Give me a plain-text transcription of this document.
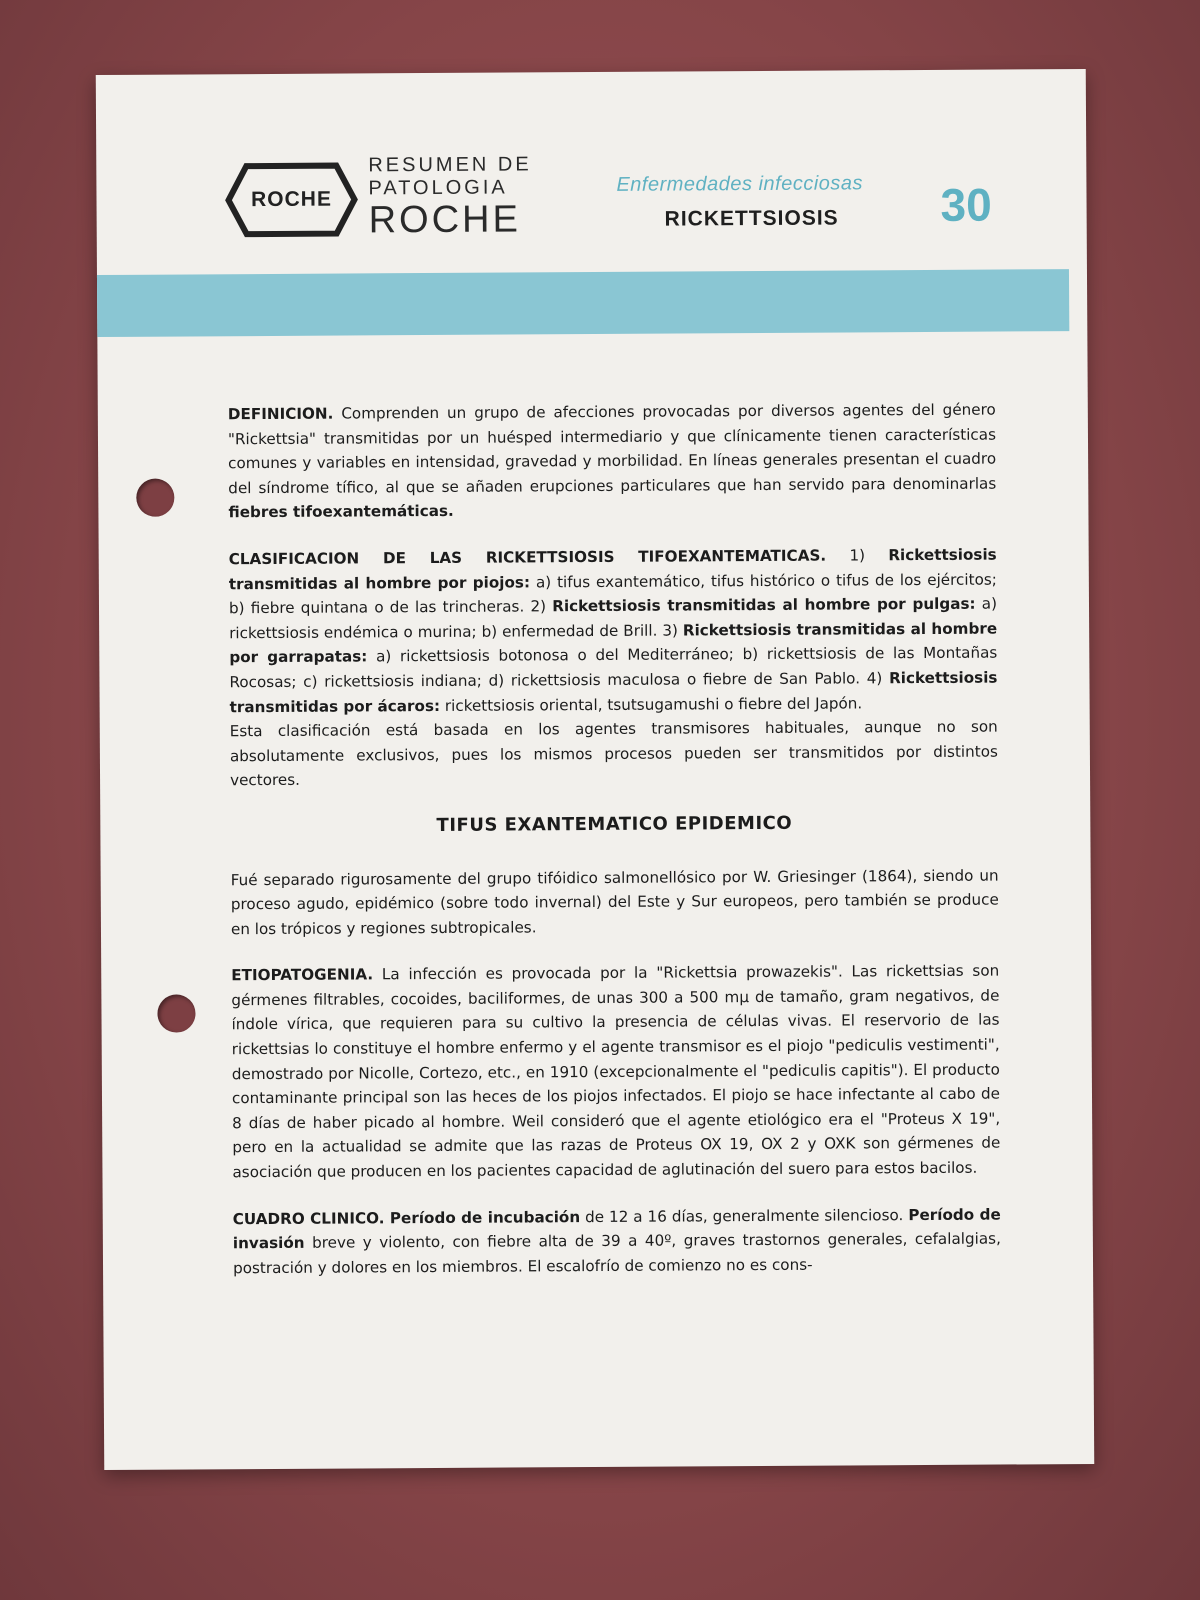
ROCHE
RESUMEN DE
PATOLOGIA
ROCHE
Enfermedades infecciosas
RICKETTSIOSIS 30

DEFINICION. Comprenden un grupo de afecciones provocadas por diversos agentes del género "Rickettsia" transmitidas por un huésped intermediario y que clínicamente tienen características comunes y variables en intensidad, gravedad y morbilidad. En líneas generales presentan el cuadro del síndrome tífico, al que se añaden erupciones particulares que han servido para denominarlas fiebres tifoexantemáticas.

CLASIFICACION DE LAS RICKETTSIOSIS TIFOEXANTEMATICAS. 1) Rickettsiosis transmitidas al hombre por piojos: a) tifus exantemático, tifus histórico o tifus de los ejércitos; b) fiebre quintana o de las trincheras. 2) Rickettsiosis transmitidas al hombre por pulgas: a) rickettsiosis endémica o murina; b) enfermedad de Brill. 3) Rickettsiosis transmitidas al hombre por garrapatas: a) rickettsiosis botonosa o del Mediterráneo; b) rickettsiosis de las Montañas Rocosas; c) rickettsiosis indiana; d) rickettsiosis maculosa o fiebre de San Pablo. 4) Rickettsiosis transmitidas por ácaros: rickettsiosis oriental, tsutsugamushi o fiebre del Japón.

Esta clasificación está basada en los agentes transmisores habituales, aunque no son absolutamente exclusivos, pues los mismos procesos pueden ser transmitidos por distintos vectores.

TIFUS EXANTEMATICO EPIDEMICO

Fué separado rigurosamente del grupo tifóidico salmonellósico por W. Griesinger (1864), siendo un proceso agudo, epidémico (sobre todo invernal) del Este y Sur europeos, pero también se produce en los trópicos y regiones subtropicales.

ETIOPATOGENIA. La infección es provocada por la "Rickettsia prowazekis". Las rickettsias son gérmenes filtrables, cocoides, baciliformes, de unas 300 a 500 mμ de tamaño, gram negativos, de índole vírica, que requieren para su cultivo la presencia de células vivas. El reservorio de las rickettsias lo constituye el hombre enfermo y el agente transmisor es el piojo "pediculis vestimenti", demostrado por Nicolle, Cortezo, etc., en 1910 (excepcionalmente el "pediculis capitis"). El producto contaminante principal son las heces de los piojos infectados. El piojo se hace infectante al cabo de 8 días de haber picado al hombre. Weil consideró que el agente etiológico era el "Proteus X 19", pero en la actualidad se admite que las razas de Proteus OX 19, OX 2 y OXK son gérmenes de asociación que producen en los pacientes capacidad de aglutinación del suero para estos bacilos.

CUADRO CLINICO. Período de incubación de 12 a 16 días, generalmente silencioso. Período de invasión breve y violento, con fiebre alta de 39 a 40º, graves trastornos generales, cefalalgias, postración y dolores en los miembros. El escalofrío de comienzo no es cons-
